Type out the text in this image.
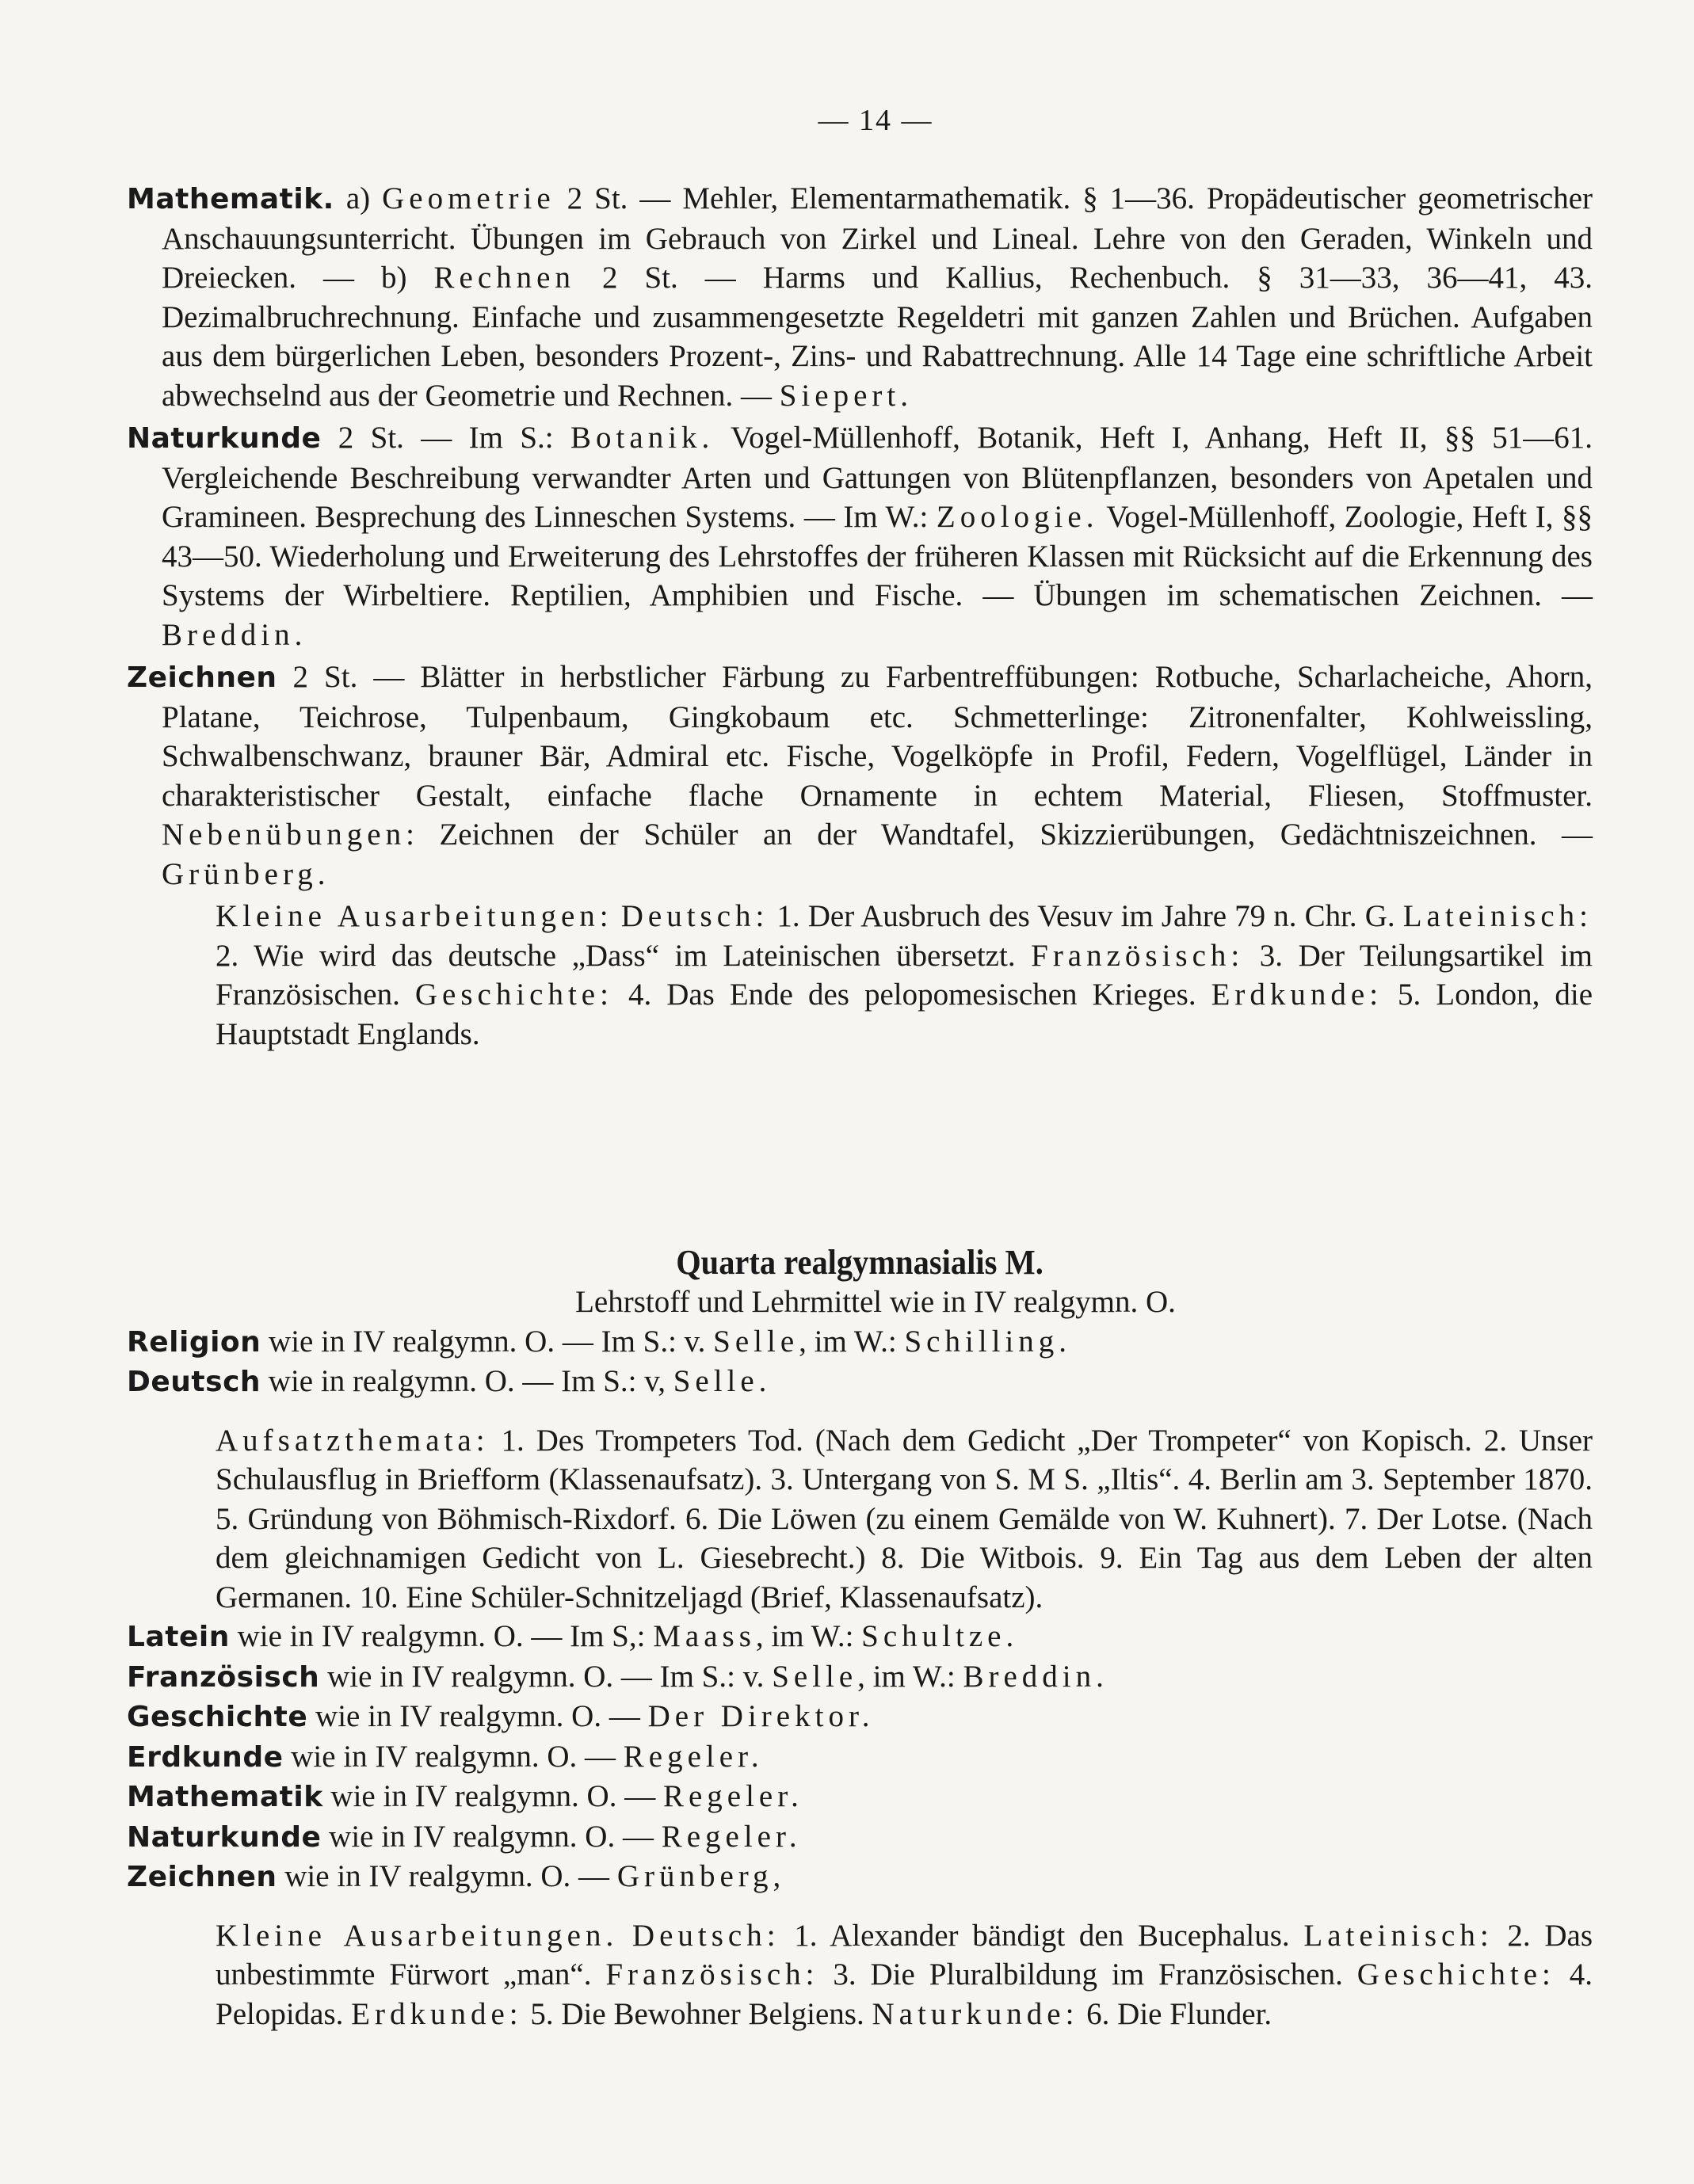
— 14 —

Mathematik. a) Geometrie 2 St. — Mehler, Elementarmathematik. § 1—36. Propädeutischer geometrischer Anschauungsunterricht. Übungen im Gebrauch von Zirkel und Lineal. Lehre von den Geraden, Winkeln und Dreiecken. — b) Rechnen 2 St. — Harms und Kallius, Rechenbuch. § 31—33, 36—41, 43. Dezimalbruchrechnung. Einfache und zusammengesetzte Regeldetri mit ganzen Zahlen und Brüchen. Aufgaben aus dem bürgerlichen Leben, besonders Prozent-, Zins- und Rabattrechnung. Alle 14 Tage eine schriftliche Arbeit abwechselnd aus der Geometrie und Rechnen. — Siepert.

Naturkunde 2 St. — Im S.: Botanik. Vogel-Müllenhoff, Botanik, Heft I, Anhang, Heft II, §§ 51—61. Vergleichende Beschreibung verwandter Arten und Gattungen von Blütenpflanzen, besonders von Apetalen und Gramineen. Besprechung des Linneschen Systems. — Im W.: Zoologie. Vogel-Müllenhoff, Zoologie, Heft I, §§ 43—50. Wiederholung und Erweiterung des Lehrstoffes der früheren Klassen mit Rücksicht auf die Erkennung des Systems der Wirbeltiere. Reptilien, Amphibien und Fische. — Übungen im schematischen Zeichnen. — Breddin.

Zeichnen 2 St. — Blätter in herbstlicher Färbung zu Farbentreffübungen: Rotbuche, Scharlacheiche, Ahorn, Platane, Teichrose, Tulpenbaum, Gingkobaum etc. Schmetterlinge: Zitronenfalter, Kohlweissling, Schwalbenschwanz, brauner Bär, Admiral etc. Fische, Vogelköpfe in Profil, Federn, Vogelflügel, Länder in charakteristischer Gestalt, einfache flache Ornamente in echtem Material, Fliesen, Stoffmuster. Nebenübungen: Zeichnen der Schüler an der Wandtafel, Skizzierübungen, Gedächtniszeichnen. — Grünberg.

Kleine Ausarbeitungen: Deutsch: 1. Der Ausbruch des Vesuv im Jahre 79 n. Chr. G. Lateinisch: 2. Wie wird das deutsche „Dass“ im Lateinischen übersetzt. Französisch: 3. Der Teilungsartikel im Französischen. Geschichte: 4. Das Ende des pelopomesischen Krieges. Erdkunde: 5. London, die Hauptstadt Englands.

Quarta realgymnasialis M.
Lehrstoff und Lehrmittel wie in IV realgymn. O.

Religion wie in IV realgymn. O. — Im S.: v. Selle, im W.: Schilling.

Deutsch wie in realgymn. O. — Im S.: v, Selle.

Aufsatzthemata: 1. Des Trompeters Tod. (Nach dem Gedicht „Der Trompeter“ von Kopisch. 2. Unser Schulausflug in Briefform (Klassenaufsatz). 3. Untergang von S. M S. „Iltis“. 4. Berlin am 3. September 1870. 5. Gründung von Böhmisch-Rixdorf. 6. Die Löwen (zu einem Gemälde von W. Kuhnert). 7. Der Lotse. (Nach dem gleichnamigen Gedicht von L. Giesebrecht.) 8. Die Witbois. 9. Ein Tag aus dem Leben der alten Germanen. 10. Eine Schüler-Schnitzeljagd (Brief, Klassenaufsatz).

Latein wie in IV realgymn. O. — Im S,: Maass, im W.: Schultze.

Französisch wie in IV realgymn. O. — Im S.: v. Selle, im W.: Breddin.

Geschichte wie in IV realgymn. O. — Der Direktor.

Erdkunde wie in IV realgymn. O. — Regeler.

Mathematik wie in IV realgymn. O. — Regeler.

Naturkunde wie in IV realgymn. O. — Regeler.

Zeichnen wie in IV realgymn. O. — Grünberg,

Kleine Ausarbeitungen. Deutsch: 1. Alexander bändigt den Bucephalus. Lateinisch: 2. Das unbestimmte Fürwort „man“. Französisch: 3. Die Pluralbildung im Französischen. Geschichte: 4. Pelopidas. Erdkunde: 5. Die Bewohner Belgiens. Naturkunde: 6. Die Flunder.
